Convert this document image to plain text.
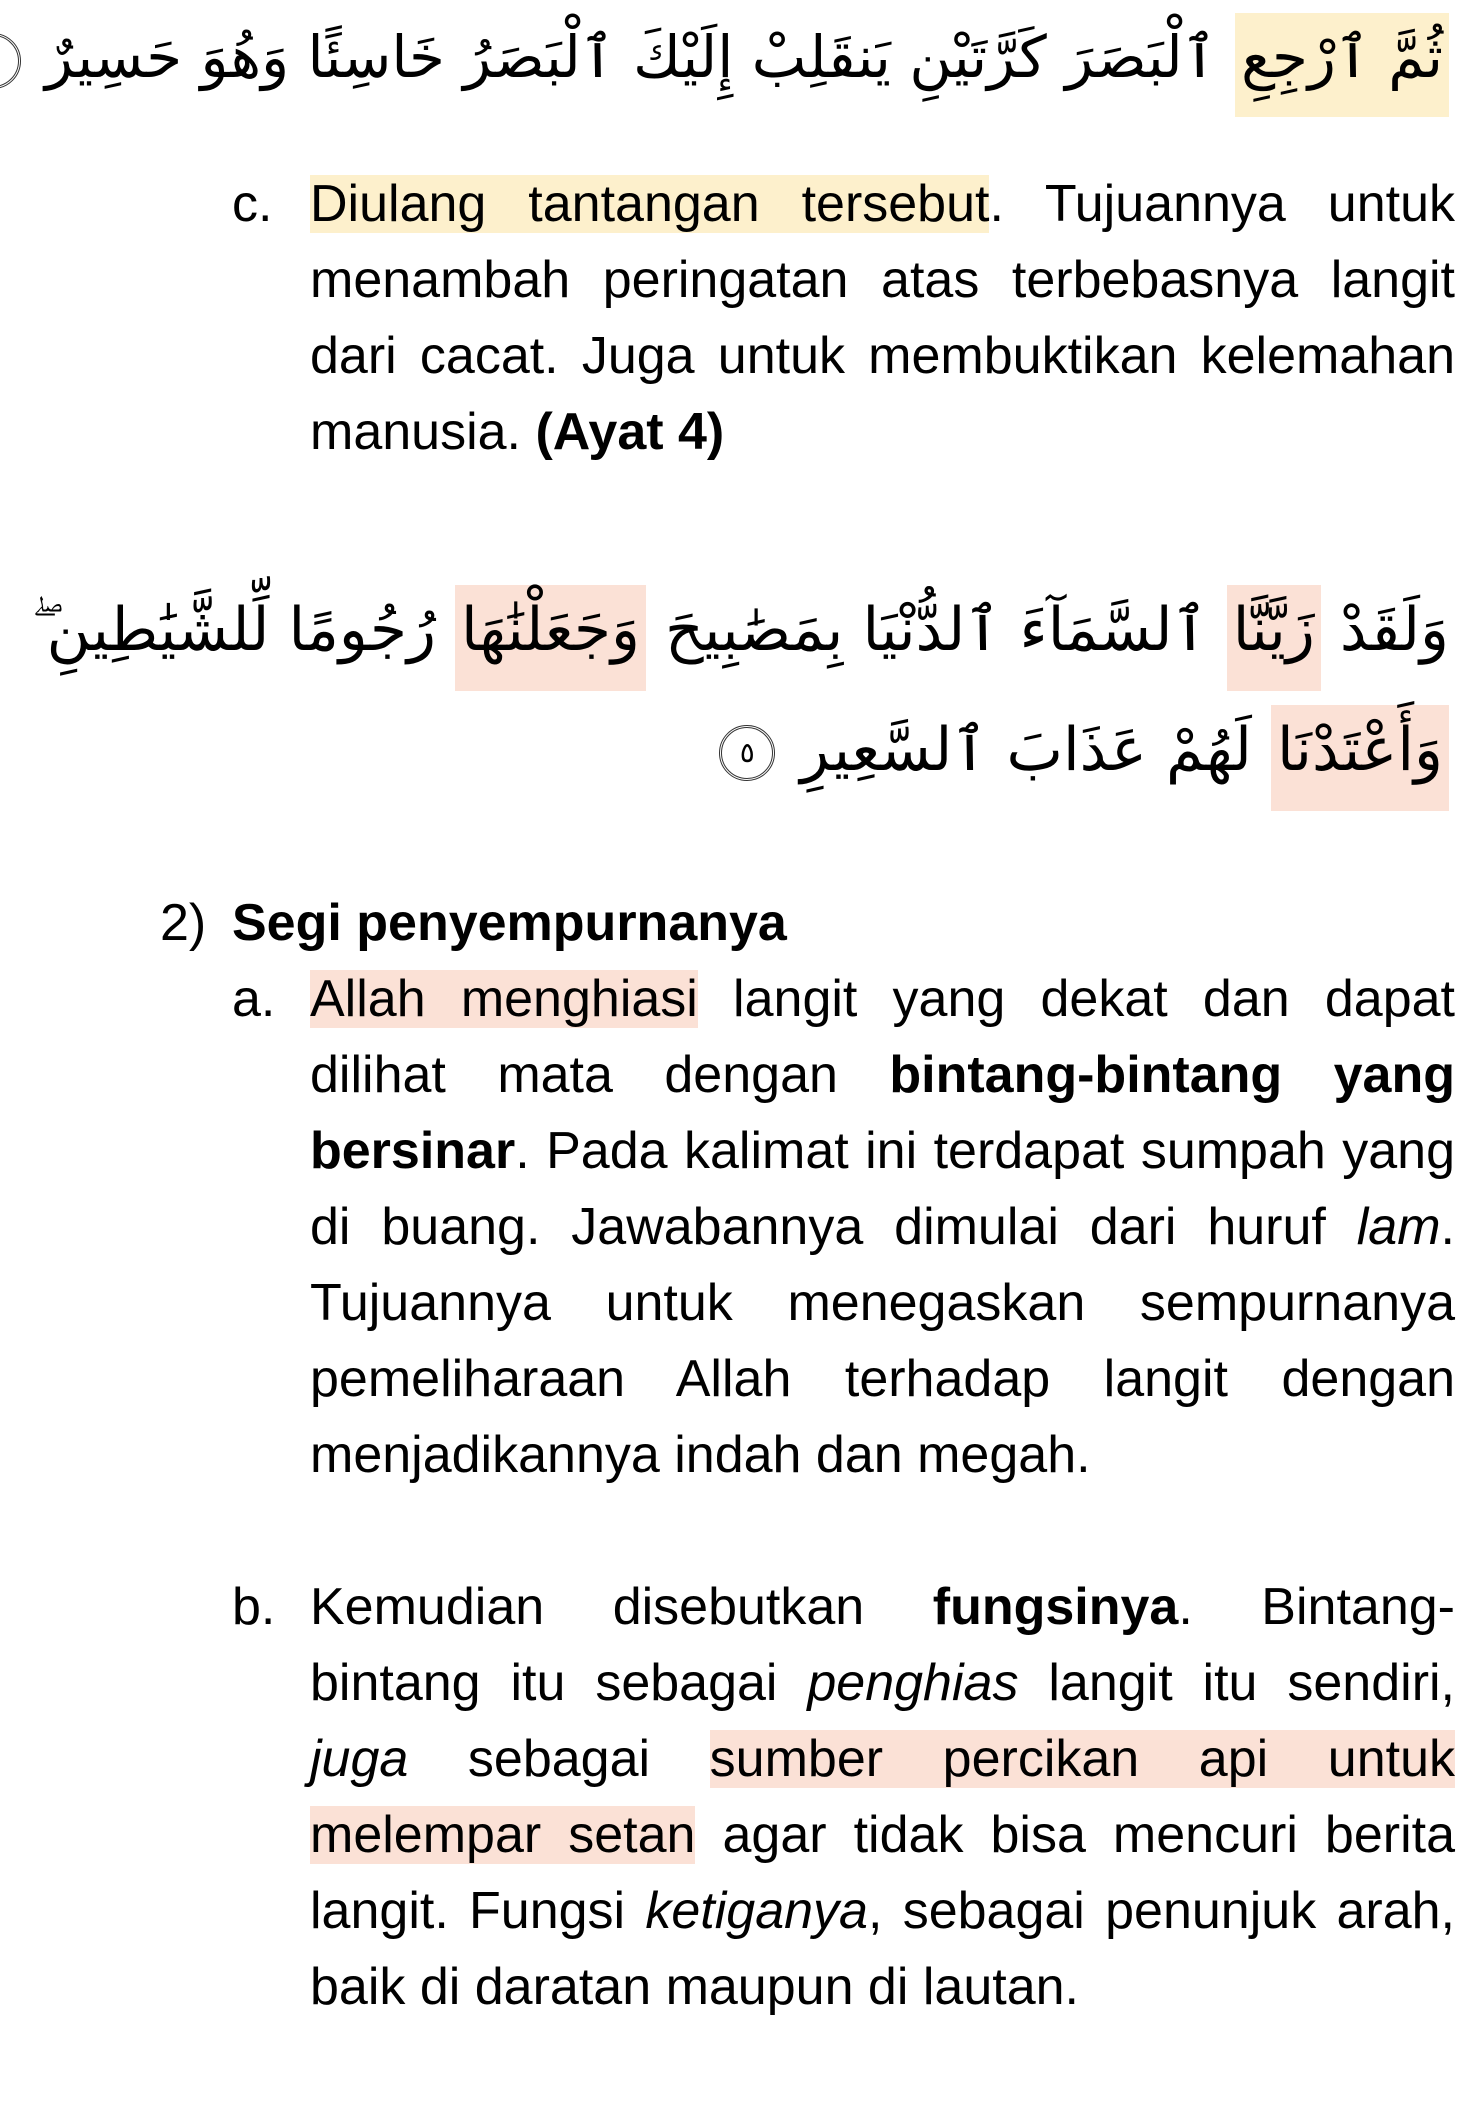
ثُمَّ ٱرْجِعِ ٱلْبَصَرَ كَرَّتَيْنِ يَنقَلِبْ إِلَيْكَ ٱلْبَصَرُ خَاسِئًا وَهُوَ حَسِيرٌ
c. Diulang tantangan tersebut. Tujuannya untuk menambah peringatan atas terbebasnya langit dari cacat. Juga untuk membuktikan kelemahan manusia. (Ayat 4)
وَلَقَدْ زَيَّنَّا ٱلسَّمَآءَ ٱلدُّنْيَا بِمَصَٰبِيحَ وَجَعَلْنَٰهَا رُجُومًا لِّلشَّيَٰطِينِ ۖ
وَأَعْتَدْنَا لَهُمْ عَذَابَ ٱلسَّعِيرِ ٥
2) Segi penyempurnanya
a. Allah menghiasi langit yang dekat dan dapat dilihat mata dengan bintang-bintang yang bersinar. Pada kalimat ini terdapat sumpah yang di buang. Jawabannya dimulai dari huruf lam. Tujuannya untuk menegaskan sempurnanya pemeliharaan Allah terhadap langit dengan menjadikannya indah dan megah.
b. Kemudian disebutkan fungsinya. Bintang-bintang itu sebagai penghias langit itu sendiri, juga sebagai sumber percikan api untuk melempar setan agar tidak bisa mencuri berita langit. Fungsi ketiganya, sebagai penunjuk arah, baik di daratan maupun di lautan.
